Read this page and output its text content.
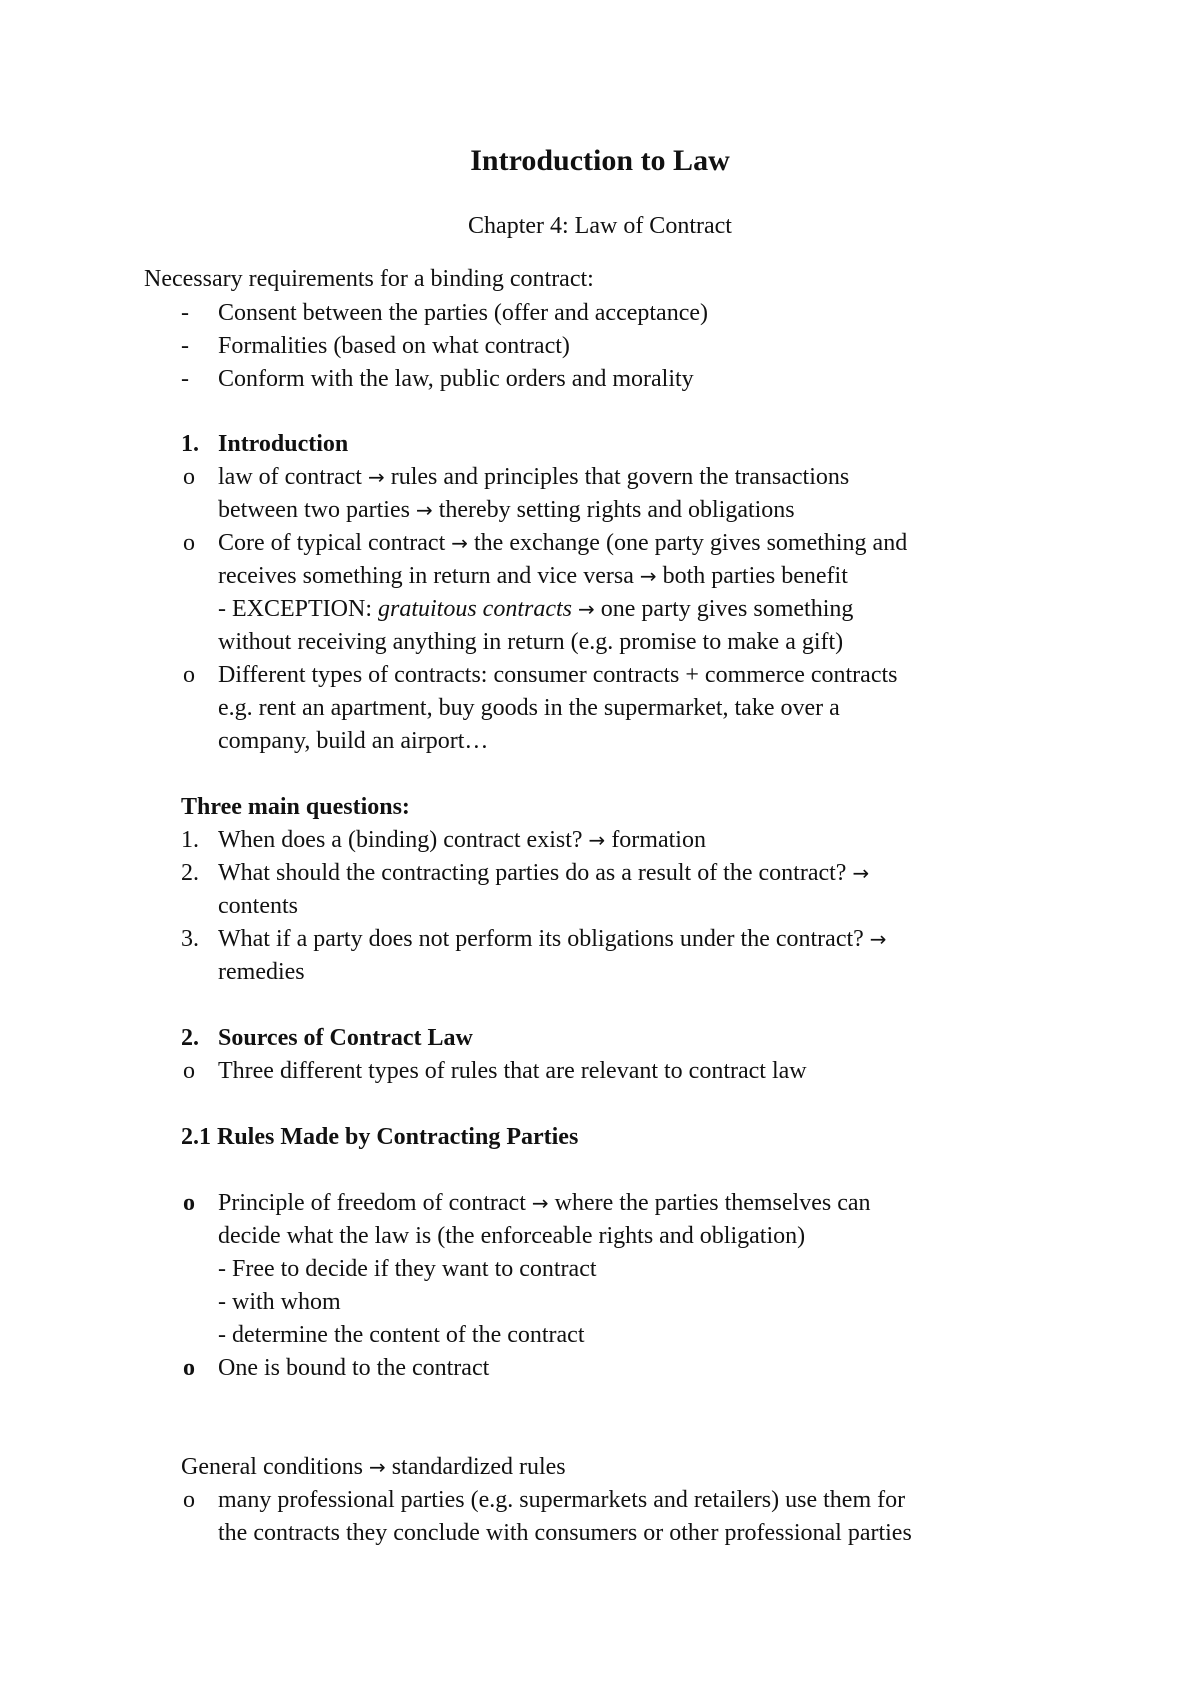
Introduction to Law
Chapter 4: Law of Contract
Necessary requirements for a binding contract:
- Consent between the parties (offer and acceptance)
- Formalities (based on what contract)
- Conform with the law, public orders and morality
1. Introduction
o law of contract → rules and principles that govern the transactions
between two parties → thereby setting rights and obligations
o Core of typical contract → the exchange (one party gives something and
receives something in return and vice versa → both parties benefit
- EXCEPTION: gratuitous contracts → one party gives something
without receiving anything in return (e.g. promise to make a gift)
o Different types of contracts: consumer contracts + commerce contracts
e.g. rent an apartment, buy goods in the supermarket, take over a
company, build an airport…
Three main questions:
1. When does a (binding) contract exist? → formation
2. What should the contracting parties do as a result of the contract? →
contents
3. What if a party does not perform its obligations under the contract? →
remedies
2. Sources of Contract Law
o Three different types of rules that are relevant to contract law
2.1 Rules Made by Contracting Parties
o Principle of freedom of contract → where the parties themselves can
decide what the law is (the enforceable rights and obligation)
- Free to decide if they want to contract
- with whom
- determine the content of the contract
o One is bound to the contract
General conditions → standardized rules
o many professional parties (e.g. supermarkets and retailers) use them for
the contracts they conclude with consumers or other professional parties
